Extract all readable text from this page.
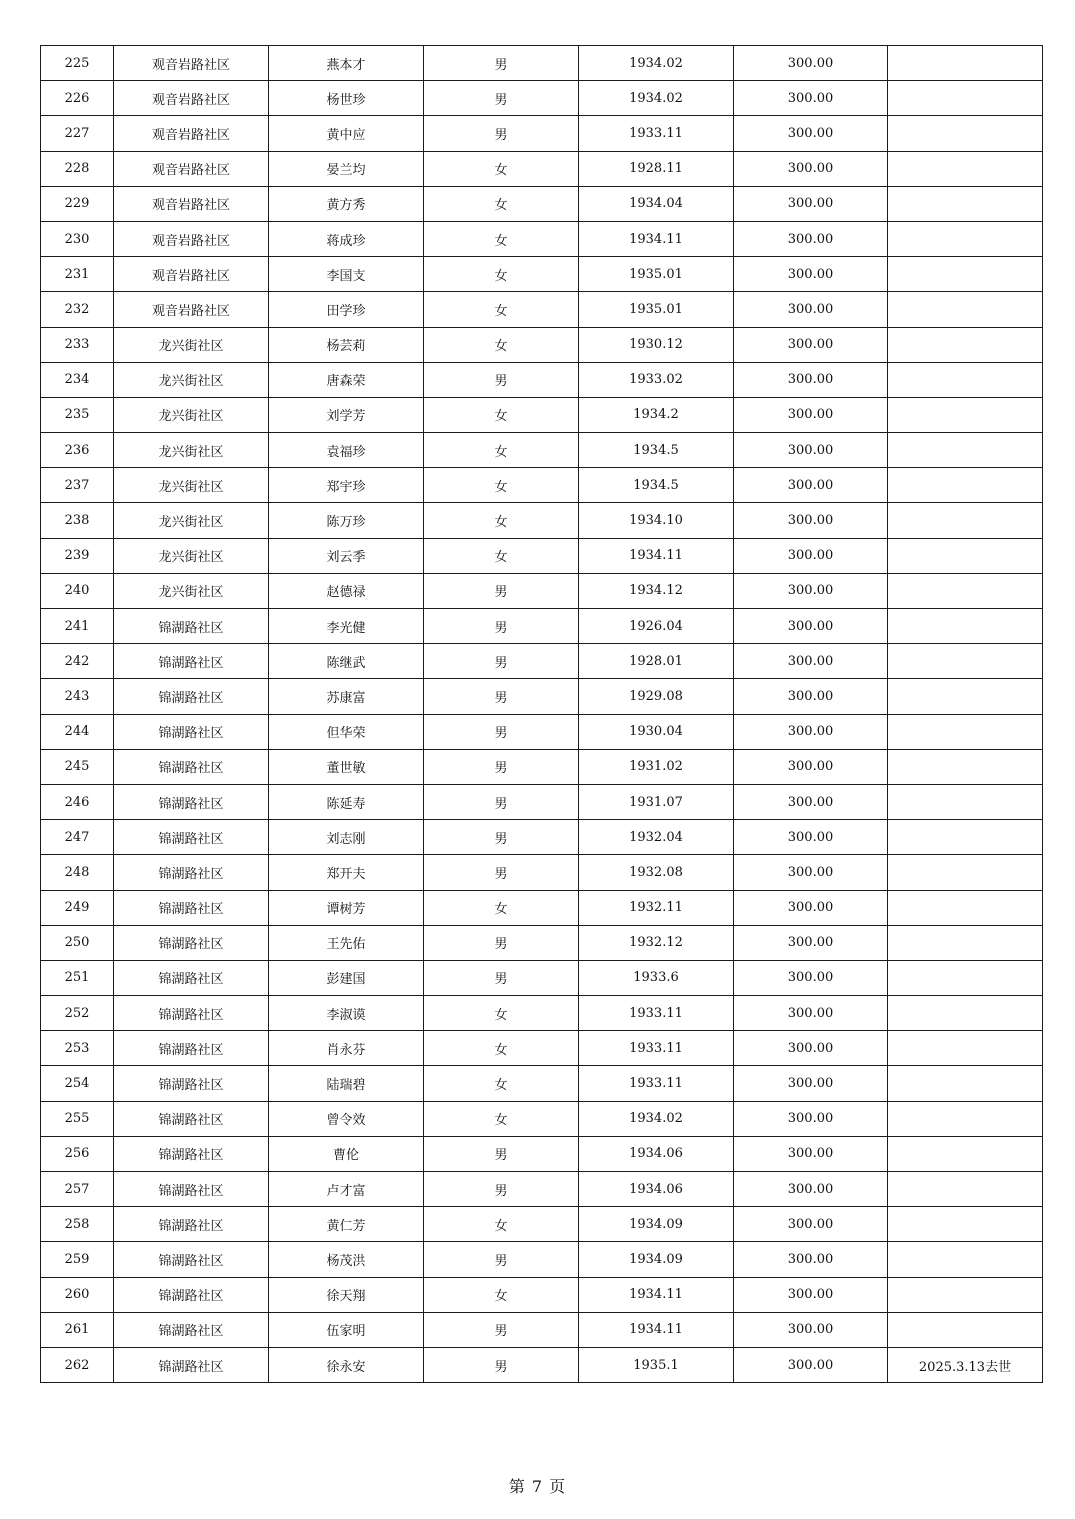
225	观音岩路社区	燕本才	男	1934.02	300.00	
226	观音岩路社区	杨世珍	男	1934.02	300.00	
227	观音岩路社区	黄中应	男	1933.11	300.00	
228	观音岩路社区	晏兰均	女	1928.11	300.00	
229	观音岩路社区	黄方秀	女	1934.04	300.00	
230	观音岩路社区	蒋成珍	女	1934.11	300.00	
231	观音岩路社区	李国支	女	1935.01	300.00	
232	观音岩路社区	田学珍	女	1935.01	300.00	
233	龙兴街社区	杨芸莉	女	1930.12	300.00	
234	龙兴街社区	唐森荣	男	1933.02	300.00	
235	龙兴街社区	刘学芳	女	1934.2	300.00	
236	龙兴街社区	袁福珍	女	1934.5	300.00	
237	龙兴街社区	郑宇珍	女	1934.5	300.00	
238	龙兴街社区	陈万珍	女	1934.10	300.00	
239	龙兴街社区	刘云季	女	1934.11	300.00	
240	龙兴街社区	赵德禄	男	1934.12	300.00	
241	锦湖路社区	李光健	男	1926.04	300.00	
242	锦湖路社区	陈继武	男	1928.01	300.00	
243	锦湖路社区	苏康富	男	1929.08	300.00	
244	锦湖路社区	但华荣	男	1930.04	300.00	
245	锦湖路社区	董世敏	男	1931.02	300.00	
246	锦湖路社区	陈延寿	男	1931.07	300.00	
247	锦湖路社区	刘志刚	男	1932.04	300.00	
248	锦湖路社区	郑开夫	男	1932.08	300.00	
249	锦湖路社区	谭树芳	女	1932.11	300.00	
250	锦湖路社区	王先佑	男	1932.12	300.00	
251	锦湖路社区	彭建国	男	1933.6	300.00	
252	锦湖路社区	李淑谟	女	1933.11	300.00	
253	锦湖路社区	肖永芬	女	1933.11	300.00	
254	锦湖路社区	陆瑞碧	女	1933.11	300.00	
255	锦湖路社区	曾令效	女	1934.02	300.00	
256	锦湖路社区	曹伦	男	1934.06	300.00	
257	锦湖路社区	卢才富	男	1934.06	300.00	
258	锦湖路社区	黄仁芳	女	1934.09	300.00	
259	锦湖路社区	杨茂洪	男	1934.09	300.00	
260	锦湖路社区	徐天翔	女	1934.11	300.00	
261	锦湖路社区	伍家明	男	1934.11	300.00	
262	锦湖路社区	徐永安	男	1935.1	300.00	2025.3.13去世
第 7 页
